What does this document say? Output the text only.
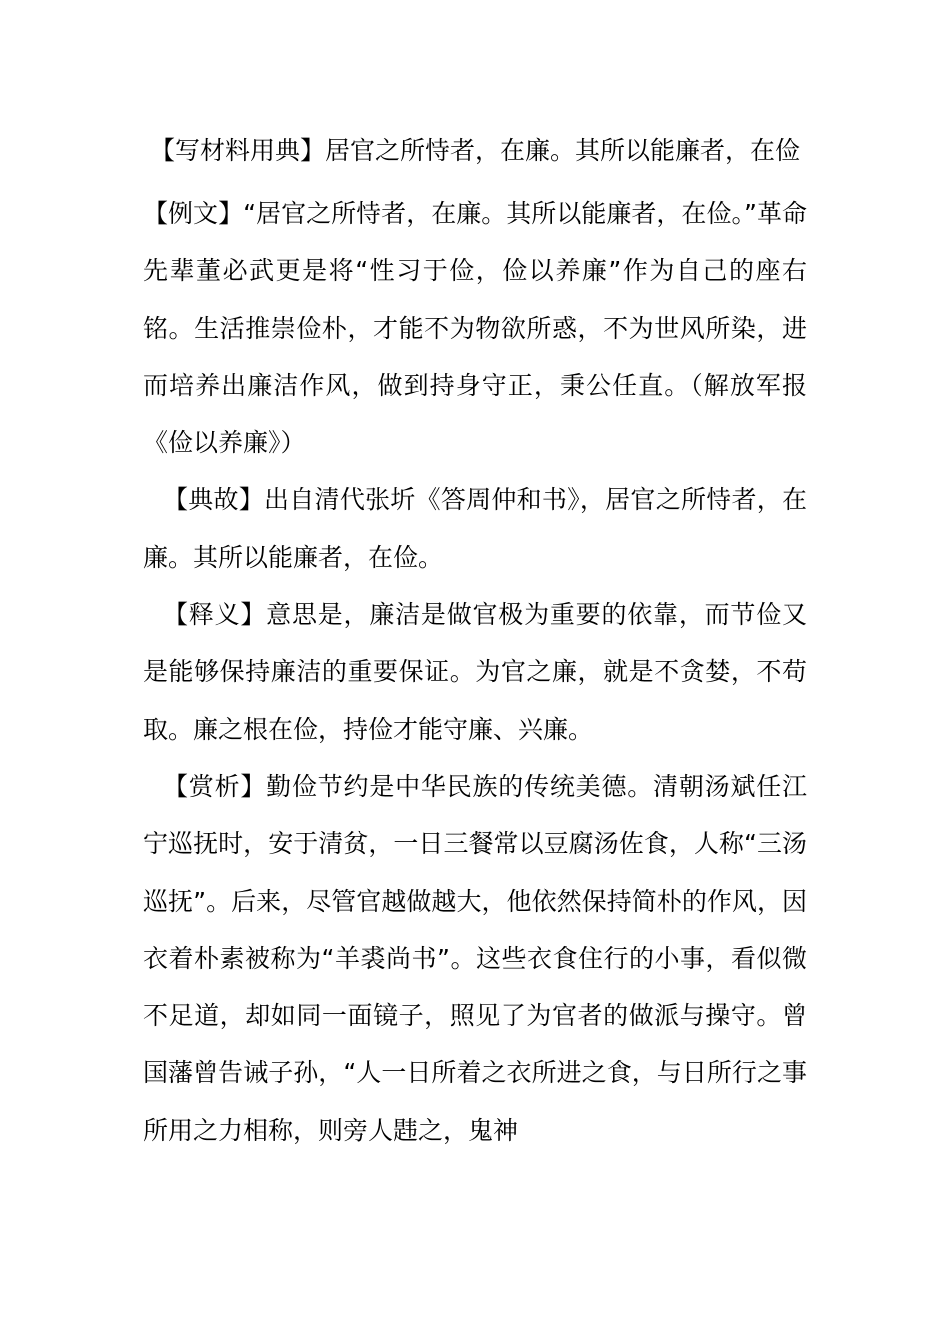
【写材料用典】居官之所恃者，在廉。其所以能廉者，在俭

【例文】“居官之所恃者，在廉。其所以能廉者，在俭。”革命先辈董必武更是将“性习于俭，俭以养廉”作为自己的座右铭。生活推崇俭朴，才能不为物欲所惑，不为世风所染，进而培养出廉洁作风，做到持身守正，秉公任直。（解放军报《俭以养廉》）

【典故】出自清代张圻《答周仲和书》，居官之所恃者，在廉。其所以能廉者，在俭。

【释义】意思是，廉洁是做官极为重要的依靠，而节俭又是能够保持廉洁的重要保证。为官之廉，就是不贪婪，不苟取。廉之根在俭，持俭才能守廉、兴廉。

【赏析】勤俭节约是中华民族的传统美德。清朝汤斌任江宁巡抚时，安于清贫，一日三餐常以豆腐汤佐食，人称“三汤巡抚”。后来，尽管官越做越大，他依然保持简朴的作风，因衣着朴素被称为“羊裘尚书”。这些衣食住行的小事，看似微不足道，却如同一面镜子，照见了为官者的做派与操守。曾国藩曾告诫子孙，“人一日所着之衣所进之食，与日所行之事所用之力相称，则旁人韪之，鬼神
